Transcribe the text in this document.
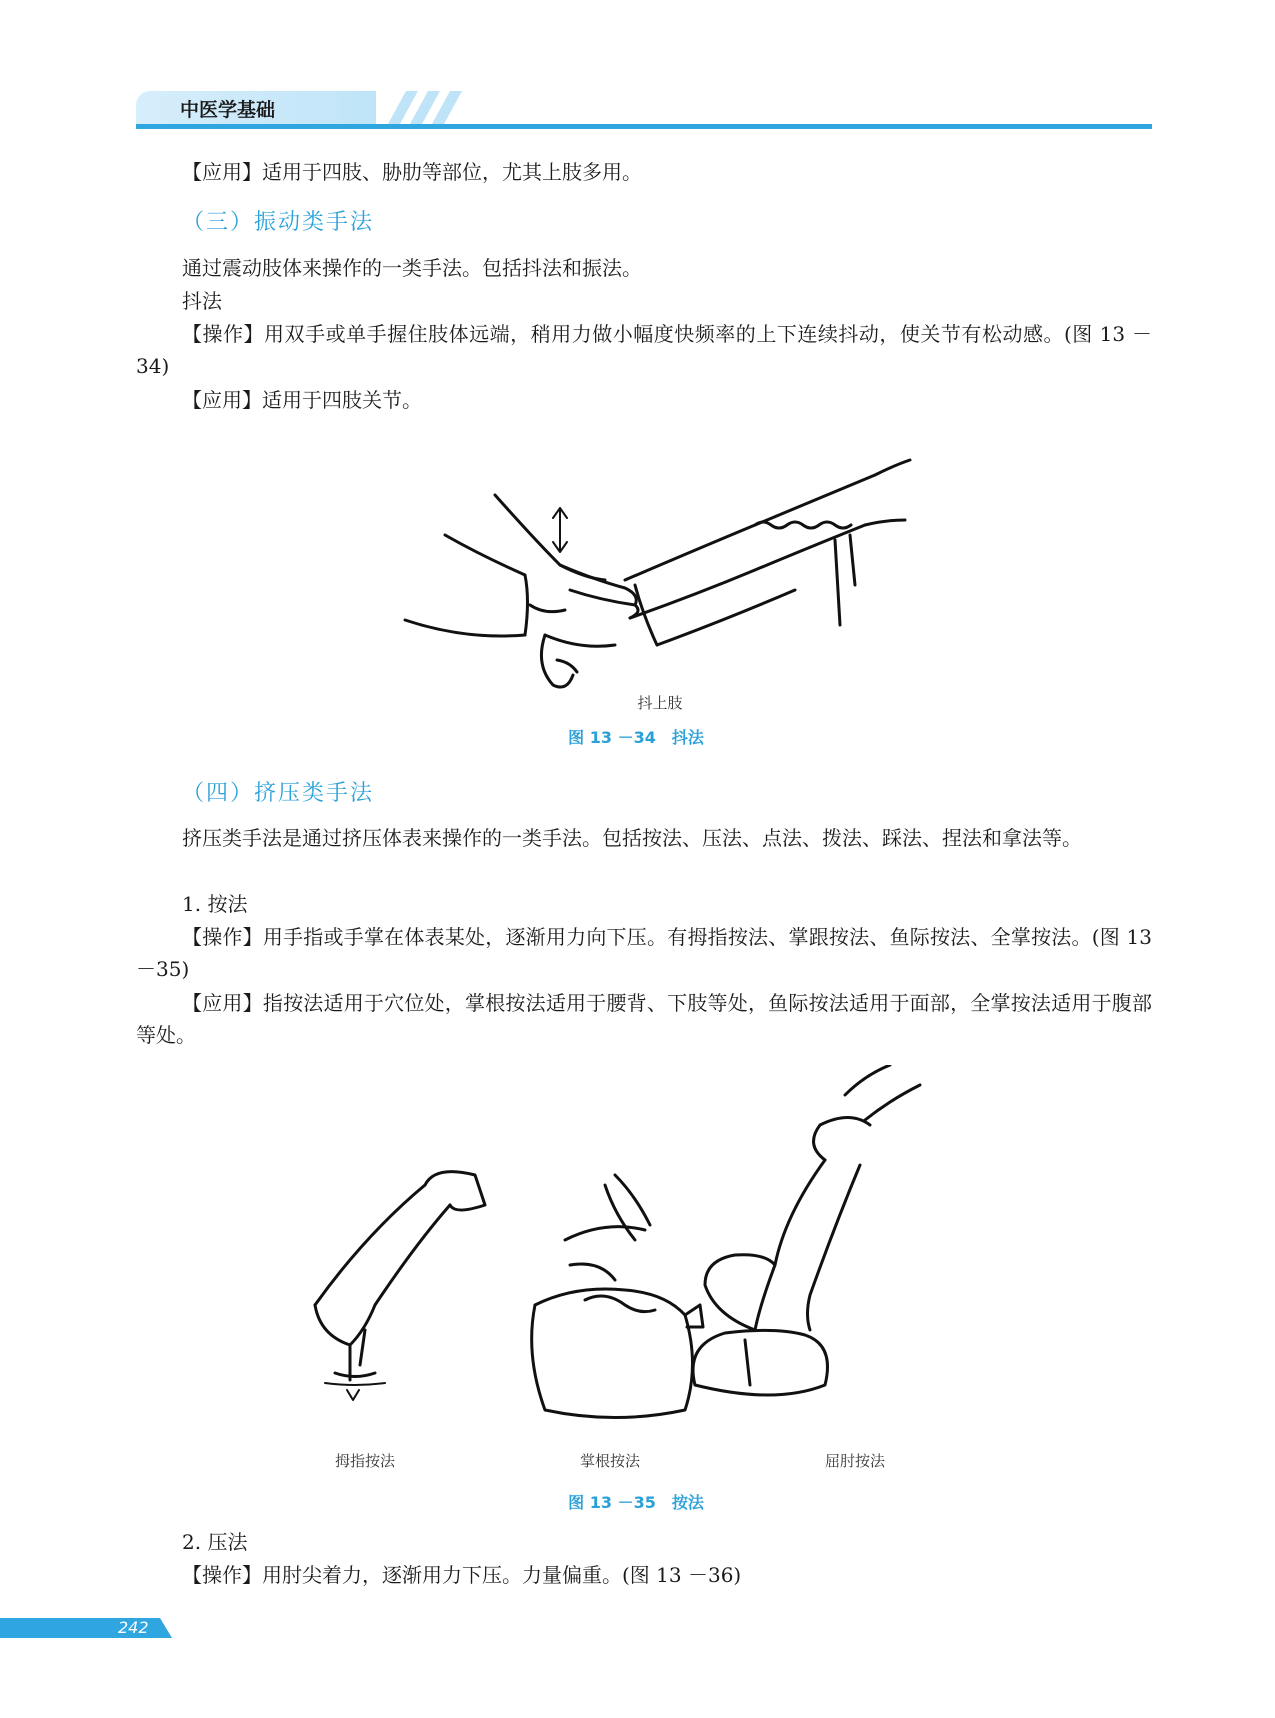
中医学基础

【应用】适用于四肢、胁肋等部位，尤其上肢多用。

（三）振动类手法

通过震动肢体来操作的一类手法。包括抖法和振法。

抖法

【操作】用双手或单手握住肢体远端，稍用力做小幅度快频率的上下连续抖动，使关节有松动感。(图 13 －34)

【应用】适用于四肢关节。

抖上肢
图 13 －34　抖法
（四）挤压类手法

挤压类手法是通过挤压体表来操作的一类手法。包括按法、压法、点法、拨法、踩法、捏法和拿法等。

1. 按法

【操作】用手指或手掌在体表某处，逐渐用力向下压。有拇指按法、掌跟按法、鱼际按法、全掌按法。(图 13 －35)

【应用】指按法适用于穴位处，掌根按法适用于腰背、下肢等处，鱼际按法适用于面部，全掌按法适用于腹部等处。

拇指按法	掌根按法	屈肘按法
图 13 －35　按法

2. 压法

【操作】用肘尖着力，逐渐用力下压。力量偏重。(图 13 －36)

242
